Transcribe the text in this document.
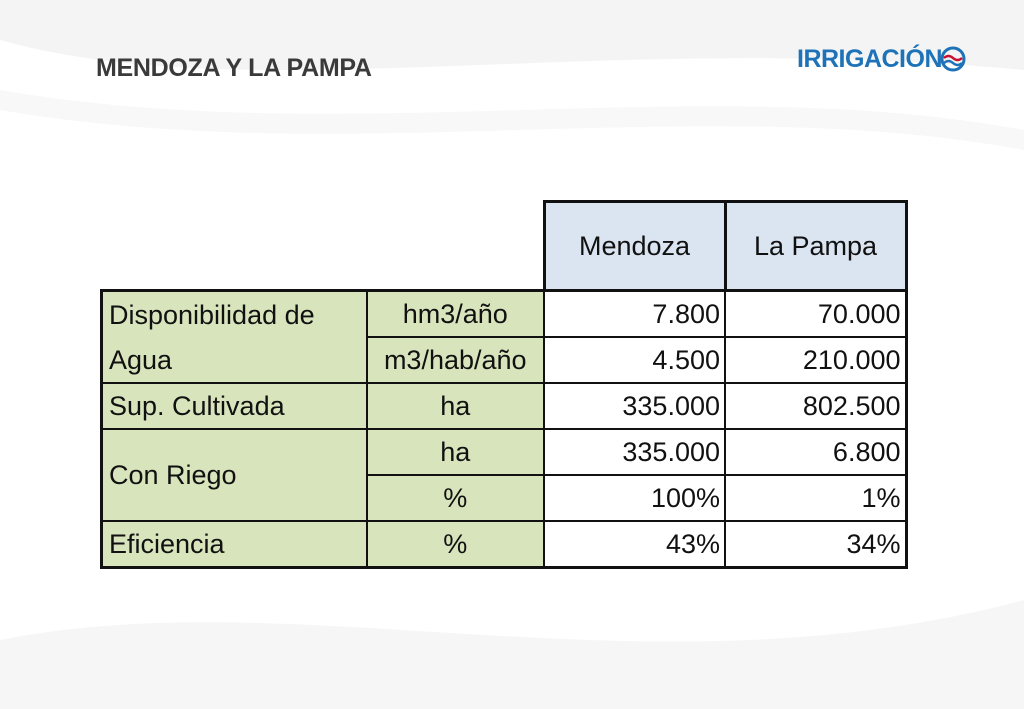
MENDOZA Y LA PAMPA	IRRIGACIÓN
		Mendoza	La Pampa
Disponibilidad de	hm3/año	7.800	70.000
Agua	m3/hab/año	4.500	210.000
Sup. Cultivada	ha	335.000	802.500
Con Riego	ha	335.000	6.800
	%	100%	1%
Eficiencia	%	43%	34%
